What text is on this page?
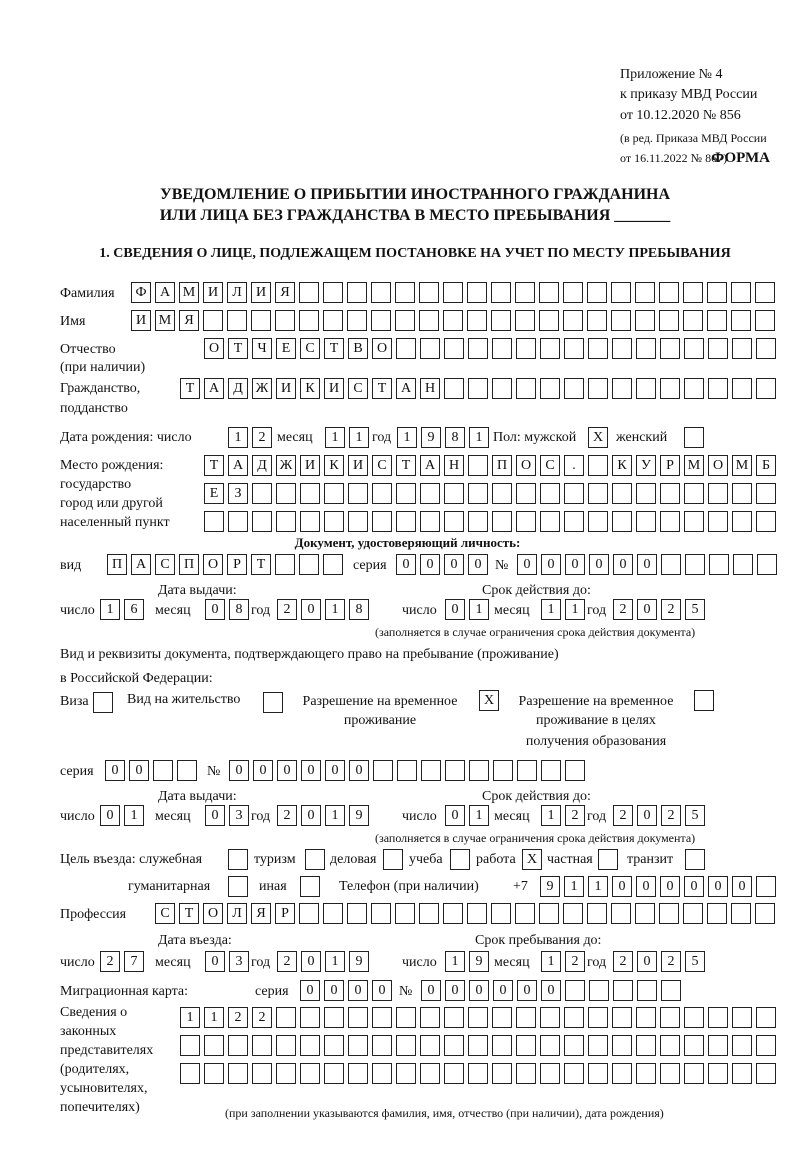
Приложение № 4
к приказу МВД России
от 10.12.2020 № 856
(в ред. Приказа МВД России
от 16.11.2022 № 867)
ФОРМА
УВЕДОМЛЕНИЕ О ПРИБЫТИИ ИНОСТРАННОГО ГРАЖДАНИНА
ИЛИ ЛИЦА БЕЗ ГРАЖДАНСТВА В МЕСТО ПРЕБЫВАНИЯ _______
1. СВЕДЕНИЯ О ЛИЦЕ, ПОДЛЕЖАЩЕМ ПОСТАНОВКЕ НА УЧЕТ ПО МЕСТУ ПРЕБЫВАНИЯ
Фамилия	Ф А М И	Л	И	Я
Имя	И М Я
Отчество
(при наличии)
О	Т	Ч	Е	С	Т	В	О
Гражданство,
подданство
Т	А	Д Ж И	К	И	С	Т	А Н
Дата рождения: число	1	2 месяц	1	1 год 1	9	8	1 Пол: мужской	X женский
Место рождения:
государство
город или другой
населенный пункт
Т	А	Д Ж И	К	И	С	Т	А Н	П О	С	.	К	У	Р М О М Б
Е	З
Документ, удостоверяющий личность:
вид	П А	С	П О	Р	Т	серия	0	0	0	0 №	0	0	0	0	0	0
Дата выдачи:	Срок действия до:
число 1	6	месяц	0	8 год 2	0	1	8	число	0	1 месяц	1	1 год 2	0	2	5
(заполняется в случае ограничения срока действия документа)
Вид и реквизиты документа, подтверждающего право на пребывание (проживание)
в Российской Федерации:
Виза	Вид на жительство	Разрешение на временное
проживание
X	Разрешение на временное
проживание в целях
получения образования
серия	0	0	№	0	0	0	0	0	0
Дата выдачи:	Срок действия до:
число 0	1	месяц	0	3 год 2	0	1	9	число	0	1 месяц	1	2 год 2	0	2	5
(заполняется в случае ограничения срока действия документа)
Цель въезда: служебная	туризм деловая учеба работа X частная транзит
гуманитарная	иная	Телефон (при наличии) +7	9	1	1	0	0	0	0	0	0
Профессия	С	Т	О	Л	Я	Р
Дата въезда:	Срок пребывания до:
число 2	7	месяц	0	3 год 2	0	1	9	число	1	9 месяц	1	2 год 2	0	2	5
Миграционная карта:	серия	0	0	0	0 №	0	0	0	0	0	0
Сведения о
законных
представителях
(родителях,
усыновителях,
попечителях)
1	1	2	2
(при заполнении указываются фамилия, имя, отчество (при наличии), дата рождения)
